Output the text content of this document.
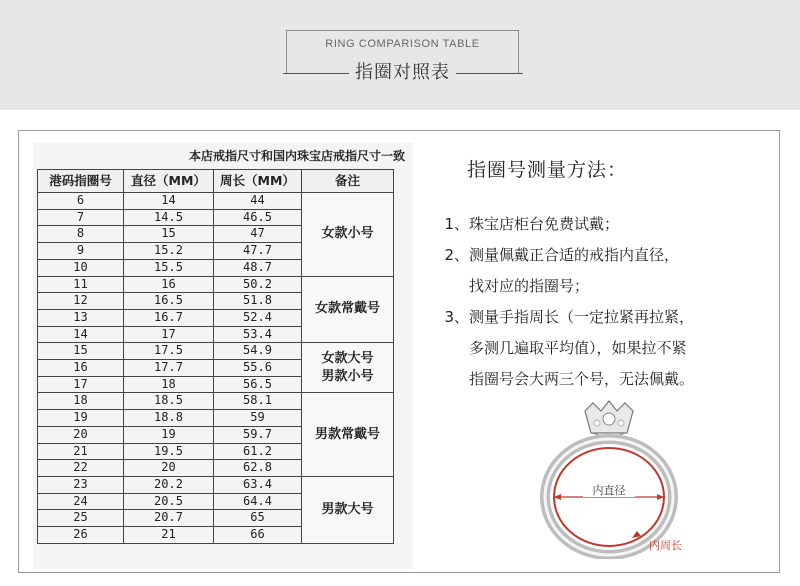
RING COMPARISON TABLE
指圈对照表
本店戒指尺寸和国内珠宝店戒指尺寸一致
港码指圈号	直径（MM）	周长（MM）	备注
6	14	44	女款小号

7	14.5	46.5	
8	15	47	
9	15.2	47.7	
10	15.5	48.7	
11	16	50.2	女款常戴号

12	16.5	51.8	
13	16.7	52.4	
14	17	53.4	
15	17.5	54.9	女款大号
男款小号

16	17.7	55.6	
17	18	56.5	
18	18.5	58.1	男款常戴号

19	18.8	59	
20	19	59.7	
21	19.5	61.2	
22	20	62.8	
23	20.2	63.4	男款大号

24	20.5	64.4	
25	20.7	65	
26	21	66	
指圈号测量方法：
1、珠宝店柜台免费试戴；
2、测量佩戴正合适的戒指内直径，
找对应的指圈号；
3、测量手指周长（一定拉紧再拉紧，
多测几遍取平均值），如果拉不紧
指圈号会大两三个号，无法佩戴。
内直径
内周长
